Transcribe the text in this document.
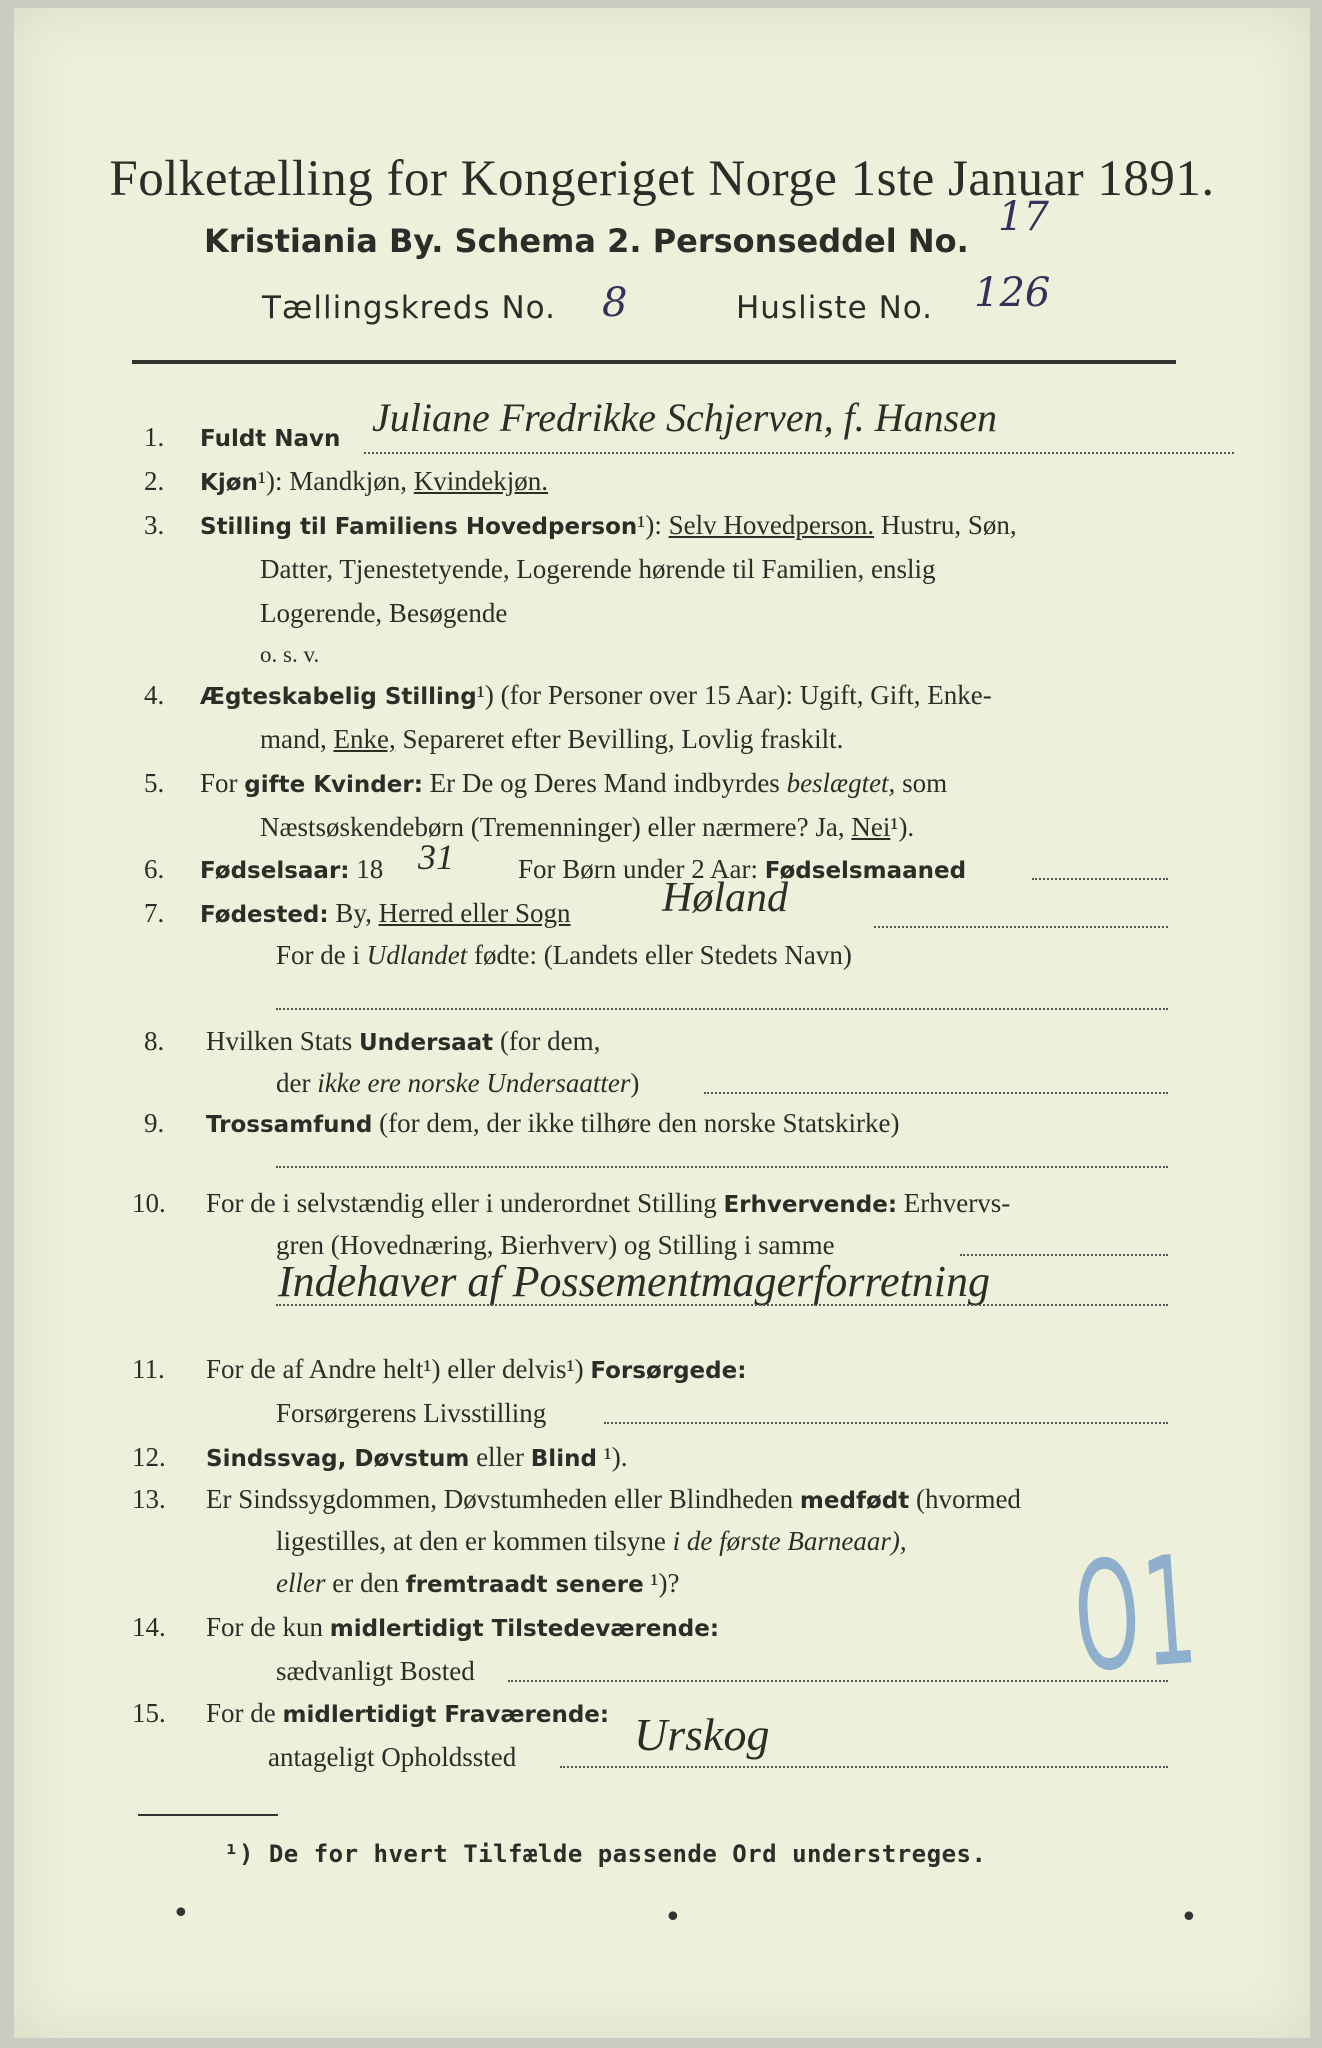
Folketælling for Kongeriget Norge 1ste Januar 1891.
Kristiania By. Schema 2. Personseddel No.
17
Tællingskreds No. 8	Husliste No. 126
1. Fuldt Navn Juliane Fredrikke Schjerven, f. Hansen
2. Kjøn¹): Mandkjøn, Kvindekjøn.
3. Stilling til Familiens Hovedperson¹): Selv Hovedperson. Hustru, Søn,
Datter, Tjenestetyende, Logerende hørende til Familien, enslig
Logerende, Besøgende
o. s. v.
4. Ægteskabelig Stilling¹) (for Personer over 15 Aar): Ugift, Gift, Enke-
mand, Enke, Separeret efter Bevilling, Lovlig fraskilt.
5. For gifte Kvinder: Er De og Deres Mand indbyrdes beslægtet, som
Næstsøskendebørn (Tremenninger) eller nærmere? Ja, Nei¹).
6. Fødselsaar: 18 31 For Børn under 2 Aar: Fødselsmaaned
7. Fødested: By, Herred eller Sogn Høland
For de i Udlandet fødte: (Landets eller Stedets Navn)
8. Hvilken Stats Undersaat (for dem,
der ikke ere norske Undersaatter)
9. Trossamfund (for dem, der ikke tilhøre den norske Statskirke)
10. For de i selvstændig eller i underordnet Stilling Erhvervende: Erhvervs-
gren (Hovednæring, Bierhverv) og Stilling i samme
Indehaver af Possementmagerforretning
11. For de af Andre helt¹) eller delvis¹) Forsørgede:
Forsørgerens Livsstilling
12. Sindssvag, Døvstum eller Blind ¹).
13. Er Sindssygdommen, Døvstumheden eller Blindheden medfødt (hvormed
ligestilles, at den er kommen tilsyne i de første Barneaar),
eller er den fremtraadt senere ¹)?
14. For de kun midlertidigt Tilstedeværende:
sædvanligt Bosted
15. For de midlertidigt Fraværende:
antageligt Opholdssted	Urskog
O1
¹) De for hvert Tilfælde passende Ord understreges.
•	•	•
